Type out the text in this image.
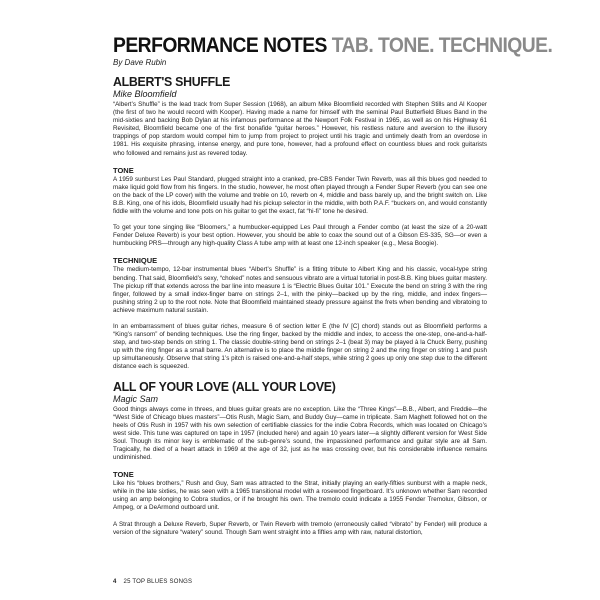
PERFORMANCE NOTES TAB. TONE. TECHNIQUE.
By Dave Rubin
ALBERT'S SHUFFLE
Mike Bloomfield

“Albert’s Shuffle” is the lead track from Super Session (1968), an album Mike Bloomfield recorded with Stephen Stills and Al Kooper (the first of two he would record with Kooper). Having made a name for himself with the seminal Paul Butterfield Blues Band in the mid-sixties and backing Bob Dylan at his infamous performance at the Newport Folk Festival in 1965, as well as on his Highway 61 Revisited, Bloomfield became one of the first bonafide “guitar heroes.” However, his restless nature and aversion to the illusory trappings of pop stardom would compel him to jump from project to project until his tragic and untimely death from an overdose in 1981. His exquisite phrasing, intense energy, and pure tone, however, had a profound effect on countless blues and rock guitarists who followed and remains just as revered today.

TONE

A 1959 sunburst Les Paul Standard, plugged straight into a cranked, pre-CBS Fender Twin Reverb, was all this blues god needed to make liquid gold flow from his fingers. In the studio, however, he most often played through a Fender Super Reverb (you can see one on the back of the LP cover) with the volume and treble on 10, reverb on 4, middle and bass barely up, and the bright switch on. Like B.B. King, one of his idols, Bloomfield usually had his pickup selector in the middle, with both P.A.F. “buckers on, and would constantly fiddle with the volume and tone pots on his guitar to get the exact, fat “hi-fi” tone he desired.

To get your tone singing like “Bloomers,” a humbucker-equipped Les Paul through a Fender combo (at least the size of a 20-watt Fender Deluxe Reverb) is your best option. However, you should be able to coax the sound out of a Gibson ES-335, SG—or even a humbucking PRS—through any high-quality Class A tube amp with at least one 12-inch speaker (e.g., Mesa Boogie).

TECHNIQUE

The medium-tempo, 12-bar instrumental blues “Albert’s Shuffle” is a fitting tribute to Albert King and his classic, vocal-type string bending. That said, Bloomfield’s sexy, “choked” notes and sensuous vibrato are a virtual tutorial in post-B.B. King blues guitar mastery. The pickup riff that extends across the bar line into measure 1 is “Electric Blues Guitar 101.” Execute the bend on string 3 with the ring finger, followed by a small index-finger barre on strings 2–1, with the pinky—backed up by the ring, middle, and index fingers—pushing string 2 up to the root note. Note that Bloomfield maintained steady pressure against the frets when bending and vibratoing to achieve maximum natural sustain.

In an embarrassment of blues guitar riches, measure 6 of section letter E (the IV [C] chord) stands out as Bloomfield performs a “King’s ransom” of bending techniques. Use the ring finger, backed by the middle and index, to access the one-step, one-and-a-half-step, and two-step bends on string 1. The classic double-string bend on strings 2–1 (beat 3) may be played à la Chuck Berry, pushing up with the ring finger as a small barre. An alternative is to place the middle finger on string 2 and the ring finger on string 1 and push up simultaneously. Observe that string 1’s pitch is raised one-and-a-half steps, while string 2 goes up only one step due to the different distance each is squeezed.

ALL OF YOUR LOVE (ALL YOUR LOVE)
Magic Sam

Good things always come in threes, and blues guitar greats are no exception. Like the “Three Kings”—B.B., Albert, and Freddie—the “West Side of Chicago blues masters”—Otis Rush, Magic Sam, and Buddy Guy—came in triplicate. Sam Maghett followed hot on the heels of Otis Rush in 1957 with his own selection of certifiable classics for the indie Cobra Records, which was located on Chicago’s west side. This tune was captured on tape in 1957 (included here) and again 10 years later—a slightly different version for West Side Soul. Though its minor key is emblematic of the sub-genre’s sound, the impassioned performance and guitar style are all Sam. Tragically, he died of a heart attack in 1969 at the age of 32, just as he was crossing over, but his considerable influence remains undiminished.

TONE

Like his “blues brothers,” Rush and Guy, Sam was attracted to the Strat, initially playing an early-fifties sunburst with a maple neck, while in the late sixties, he was seen with a 1965 transitional model with a rosewood fingerboard. It’s unknown whether Sam recorded using an amp belonging to Cobra studios, or if he brought his own. The tremolo could indicate a 1955 Fender Tremolux, Gibson, or Ampeg, or a DeArmond outboard unit.

A Strat through a Deluxe Reverb, Super Reverb, or Twin Reverb with tremolo (erroneously called “vibrato” by Fender) will produce a version of the signature “watery” sound. Though Sam went straight into a fifties amp with raw, natural distortion,

4 25 TOP BLUES SONGS
